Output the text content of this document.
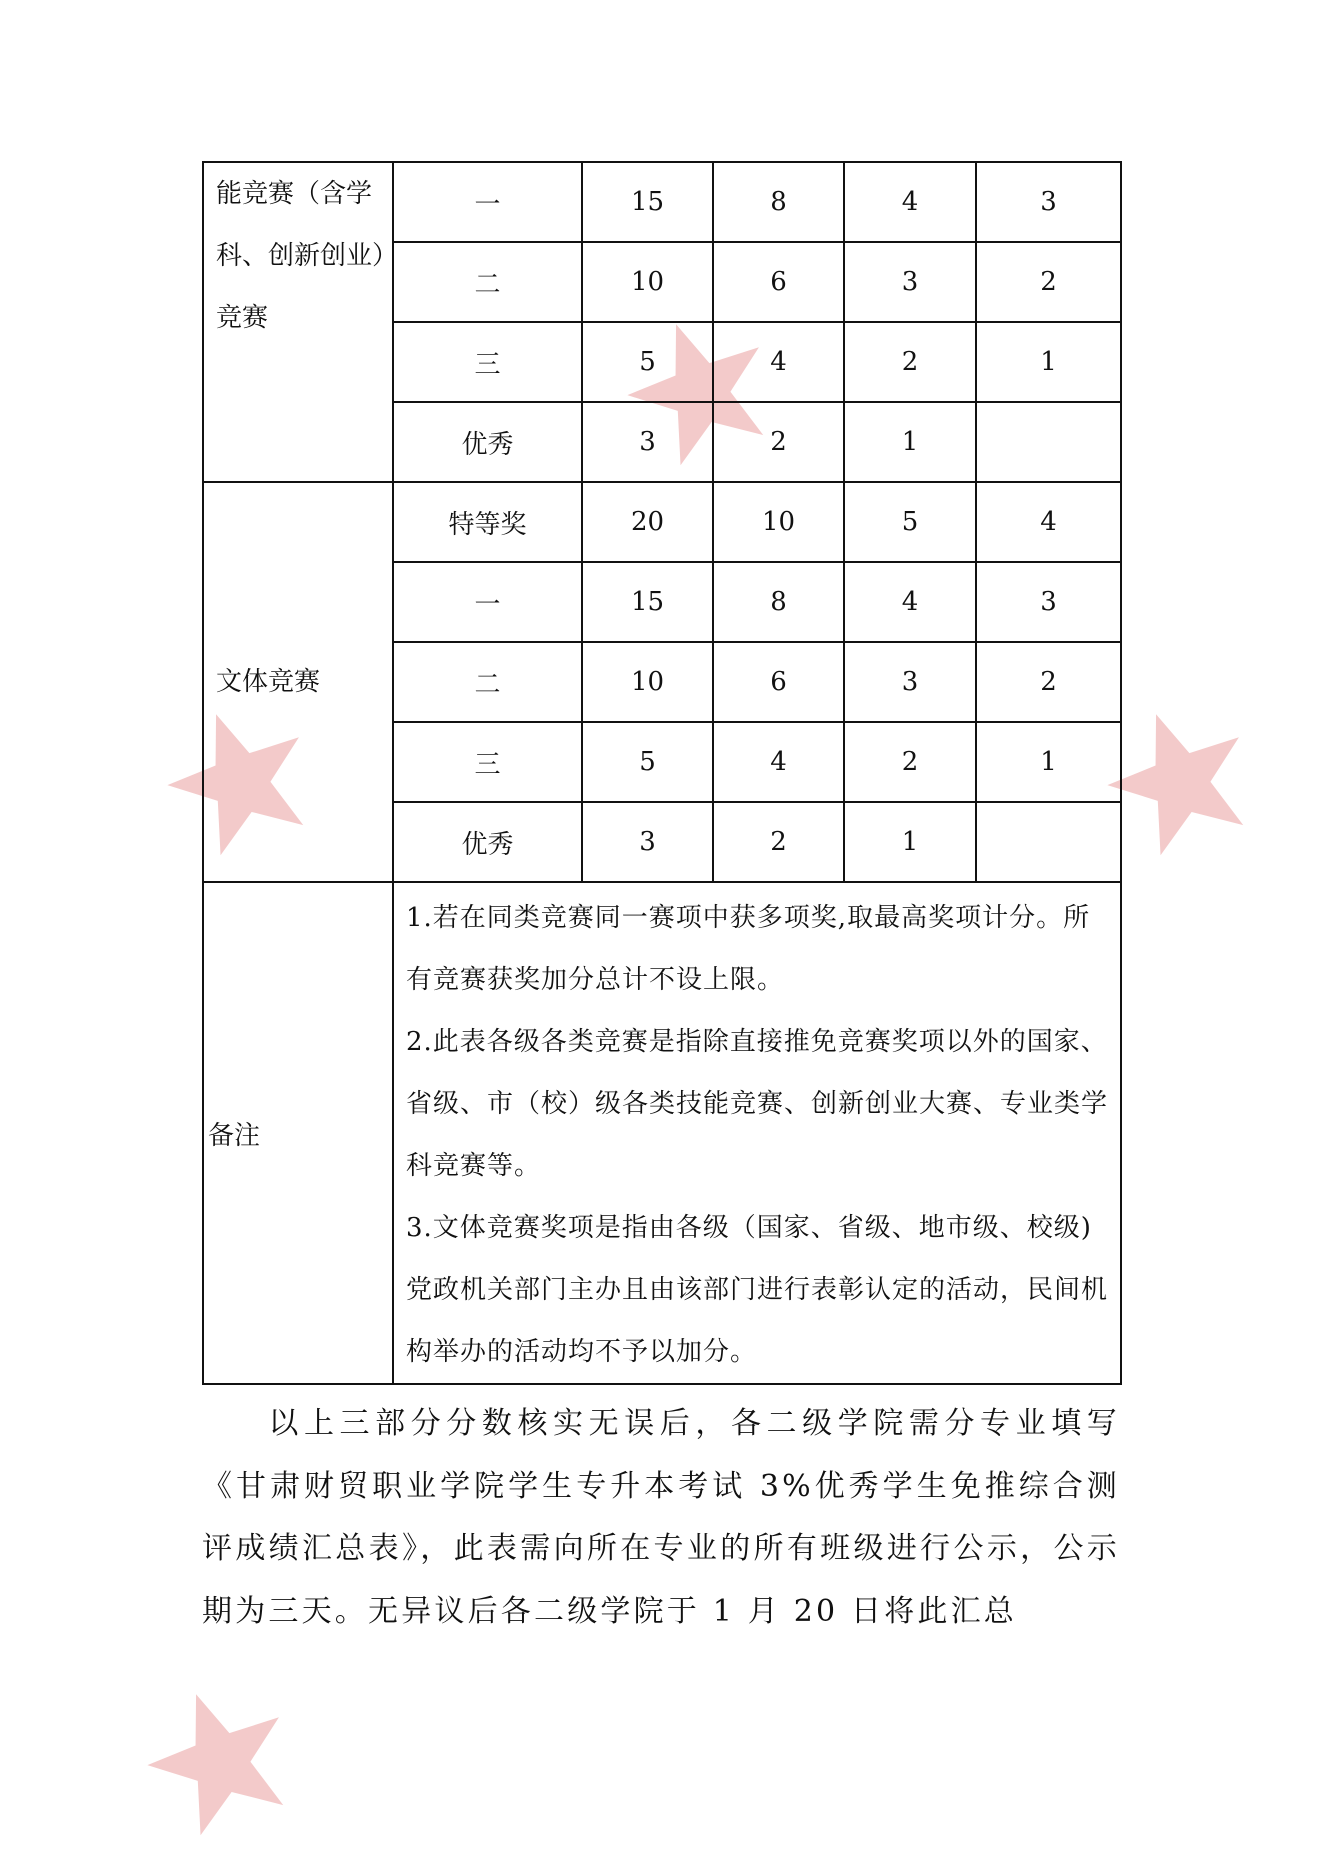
能竞赛（含学科、创新创业）竞赛	一	15	8	4	3
	二	10	6	3	2
	三	5	4	2	1
	优秀	3	2	1	
文体竞赛	特等奖	20	10	5	4
	一	15	8	4	3
	二	10	6	3	2
	三	5	4	2	1
	优秀	3	2	1	
备注	1.若在同类竞赛同一赛项中获多项奖,取最高奖项计分。所有竞赛获奖加分总计不设上限。
2.此表各级各类竞赛是指除直接推免竞赛奖项以外的国家、省级、市（校）级各类技能竞赛、创新创业大赛、专业类学科竞赛等。
3.文体竞赛奖项是指由各级（国家、省级、地市级、校级)党政机关部门主办且由该部门进行表彰认定的活动，民间机构举办的活动均不予以加分。				
以上三部分分数核实无误后，各二级学院需分专业填写《甘肃财贸职业学院学生专升本考试 3%优秀学生免推综合测评成绩汇总表》，此表需向所在专业的所有班级进行公示，公示期为三天。无异议后各二级学院于 1 月 20 日将此汇总
